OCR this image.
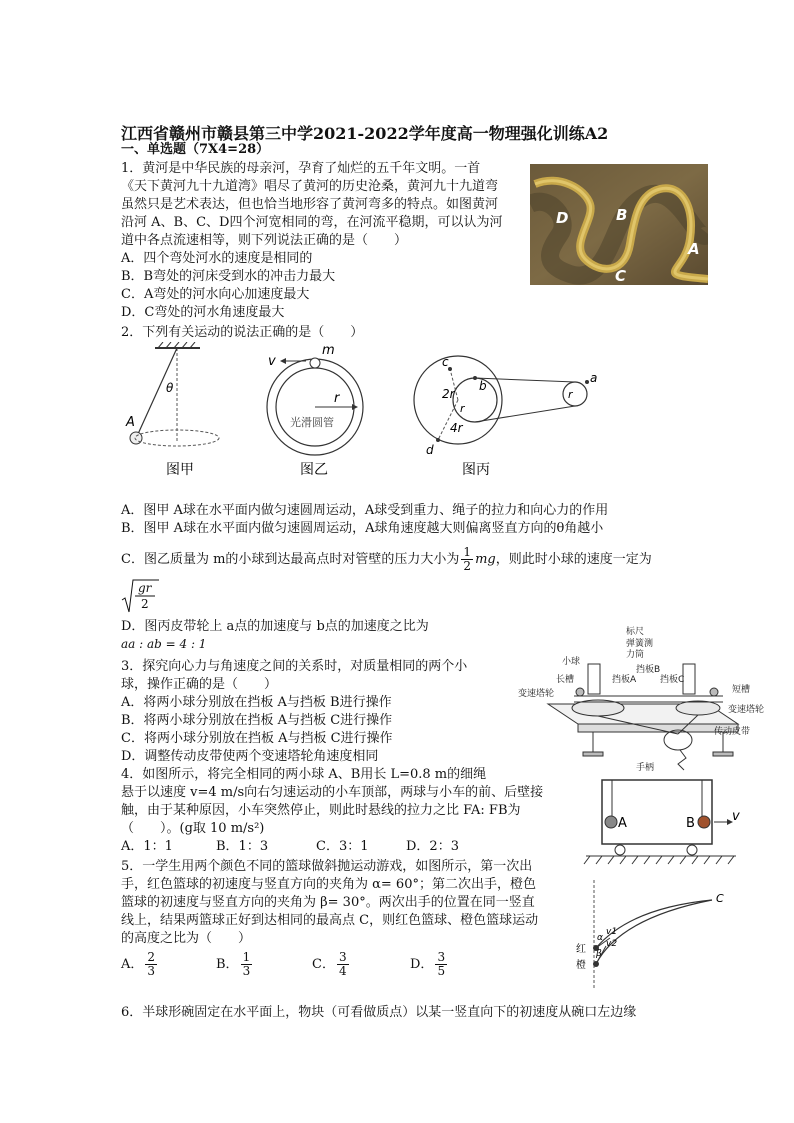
江西省赣州市赣县第三中学2021-2022学年度高一物理强化训练A2
一、单选题（7X4=28）
1．黄河是中华民族的母亲河，孕育了灿烂的五千年文明。一首
《天下黄河九十九道湾》唱尽了黄河的历史沧桑，黄河九十九道弯
虽然只是艺术表达，但也恰当地形容了黄河弯多的特点。如图黄河
沿河 A、B、C、D四个河宽相同的弯，在河流平稳期，可以认为河
道中各点流速相等，则下列说法正确的是（　　）
A．四个弯处河水的速度是相同的
B．B弯处的河床受到水的冲击力最大
C．A弯处的河水向心加速度最大
D．C弯处的河水角速度最大
D	B
A
C
2．下列有关运动的说法正确的是（　　）
θ
A
图甲
v
m
r
光滑圆管
图乙
c
b
a
d
2r
r
4r
r
图丙
A．图甲 A球在水平面内做匀速圆周运动，A球受到重力、绳子的拉力和向心力的作用
B．图甲 A球在水平面内做匀速圆周运动，A球角速度越大则偏离竖直方向的θ角越小
C．图乙质量为 m的小球到达最高点时对管壁的压力大小为 $\frac{1}{2}$ mg，则此时小球的速度一定为
gr
2
D．图丙皮带轮上 a点的加速度与 b点的加速度之比为
aa : ab = 4 : 1
3．探究向心力与角速度之间的关系时，对质量相同的两个小
球，操作正确的是（　　）
A．将两小球分别放在挡板 A与挡板 B进行操作
B．将两小球分别放在挡板 A与挡板 C进行操作
C．将两小球分别放在挡板 A与挡板 C进行操作
D．调整传动皮带使两个变速塔轮角速度相同
标尺
弹簧测
力筒
小球
长槽	挡板A
挡板B
挡板C
短槽
变速塔轮
变速塔轮
传动皮带
手柄
4．如图所示，将完全相同的两小球 A、B用长 L=0.8 m的细绳
悬于以速度 v=4 m/s向右匀速运动的小车顶部，两球与小车的前、后壁接
触，由于某种原因，小车突然停止，则此时悬线的拉力之比 FA: FB为
（　　）。(g取 10 m/s²)
A．1：1	B．1：3	C．3：1	D．2：3
A	B	v
5．一学生用两个颜色不同的篮球做斜抛运动游戏，如图所示，第一次出
手，红色篮球的初速度与竖直方向的夹角为 α= 60°；第二次出手，橙色
篮球的初速度与竖直方向的夹角为 β= 30°。两次出手的位置在同一竖直
线上，结果两篮球正好到达相同的最高点 C，则红色篮球、橙色篮球运动
的高度之比为（　　）
A． $\frac{2}{3}$	B． $\frac{1}{3}$	C． $\frac{3}{4}$	D． $\frac{3}{5}$
C
v1
v2
α
β
红
橙
6．半球形碗固定在水平面上，物块（可看做质点）以某一竖直向下的初速度从碗口左边缘
